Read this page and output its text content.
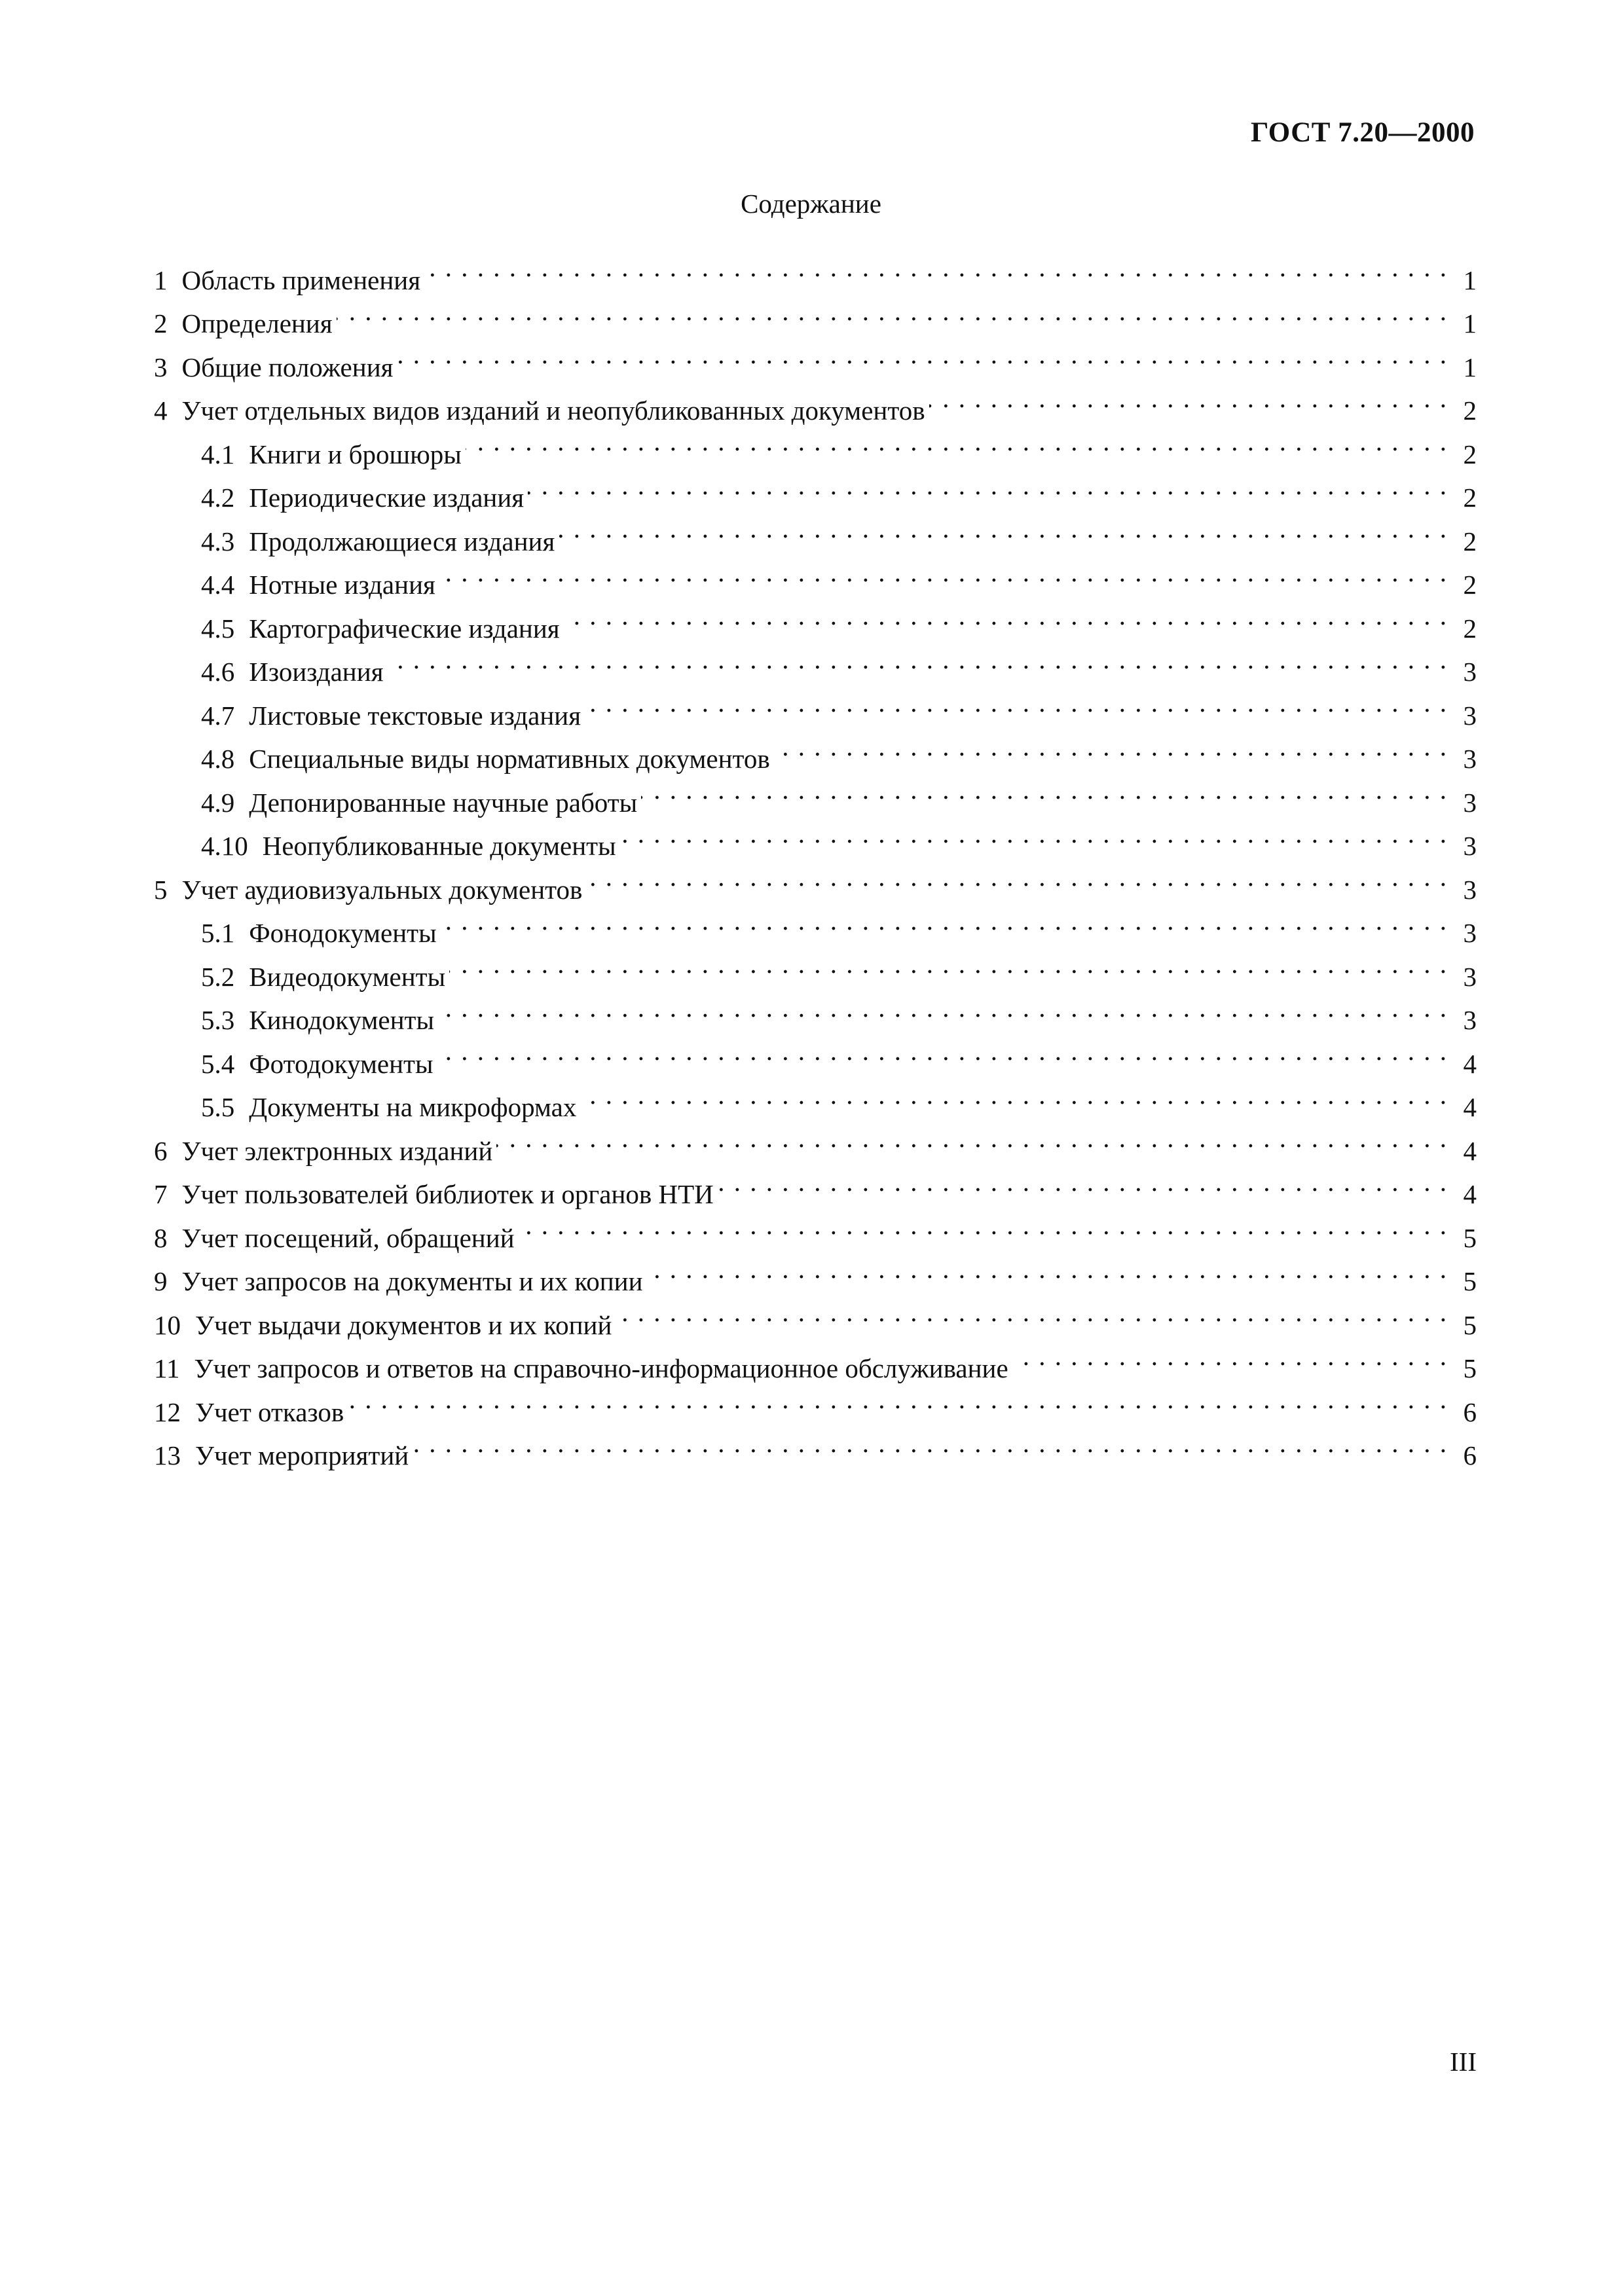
ГОСТ 7.20—2000
Содержание
1 Область применения . . .	1
2 Определения . . .	1
3 Общие положения . . .	1
4 Учет отдельных видов изданий и неопубликованных документов . . .	2
4.1 Книги и брошюры . . .	2
4.2 Периодические издания . . .	2
4.3 Продолжающиеся издания . . .	2
4.4 Нотные издания . . .	2
4.5 Картографические издания . . .	2
4.6 Изоиздания . . .	3
4.7 Листовые текстовые издания . . .	3
4.8 Специальные виды нормативных документов . . .	3
4.9 Депонированные научные работы . . .	3
4.10 Неопубликованные документы . . .	3
5 Учет аудиовизуальных документов . . .	3
5.1 Фонодокументы . . .	3
5.2 Видеодокументы . . .	3
5.3 Кинодокументы . . .	3
5.4 Фотодокументы . . .	4
5.5 Документы на микроформах . . .	4
6 Учет электронных изданий . . .	4
7 Учет пользователей библиотек и органов НТИ . . .	4
8 Учет посещений, обращений . . .	5
9 Учет запросов на документы и их копии . . .	5
10 Учет выдачи документов и их копий . . .	5
11 Учет запросов и ответов на справочно-информационное обслуживание . . .	5
12 Учет отказов . . .	6
13 Учет мероприятий . . .	6
III
